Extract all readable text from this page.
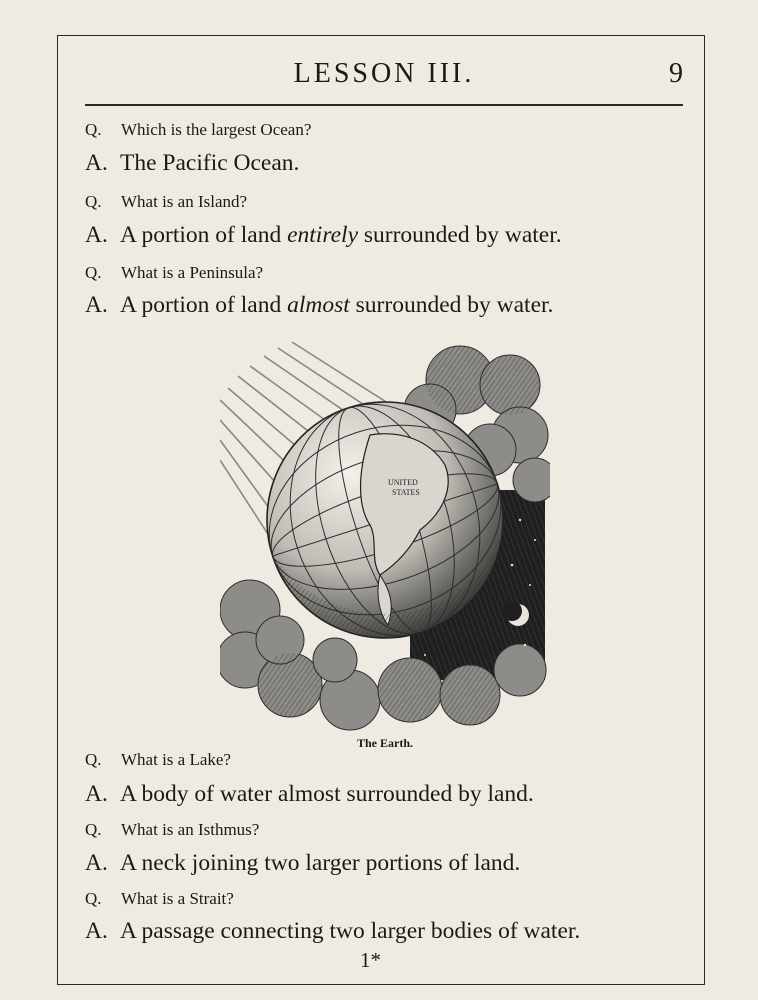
LESSON III.	9
Q. Which is the largest Ocean?
A. The Pacific Ocean.
Q. What is an Island?
A. A portion of land entirely surrounded by water.
Q. What is a Peninsula?
A. A portion of land almost surrounded by water.
UNITED
STATES
The Earth.
Q. What is a Lake?
A. A body of water almost surrounded by land.
Q. What is an Isthmus?
A. A neck joining two larger portions of land.
Q. What is a Strait?
A. A passage connecting two larger bodies of water.
1*
